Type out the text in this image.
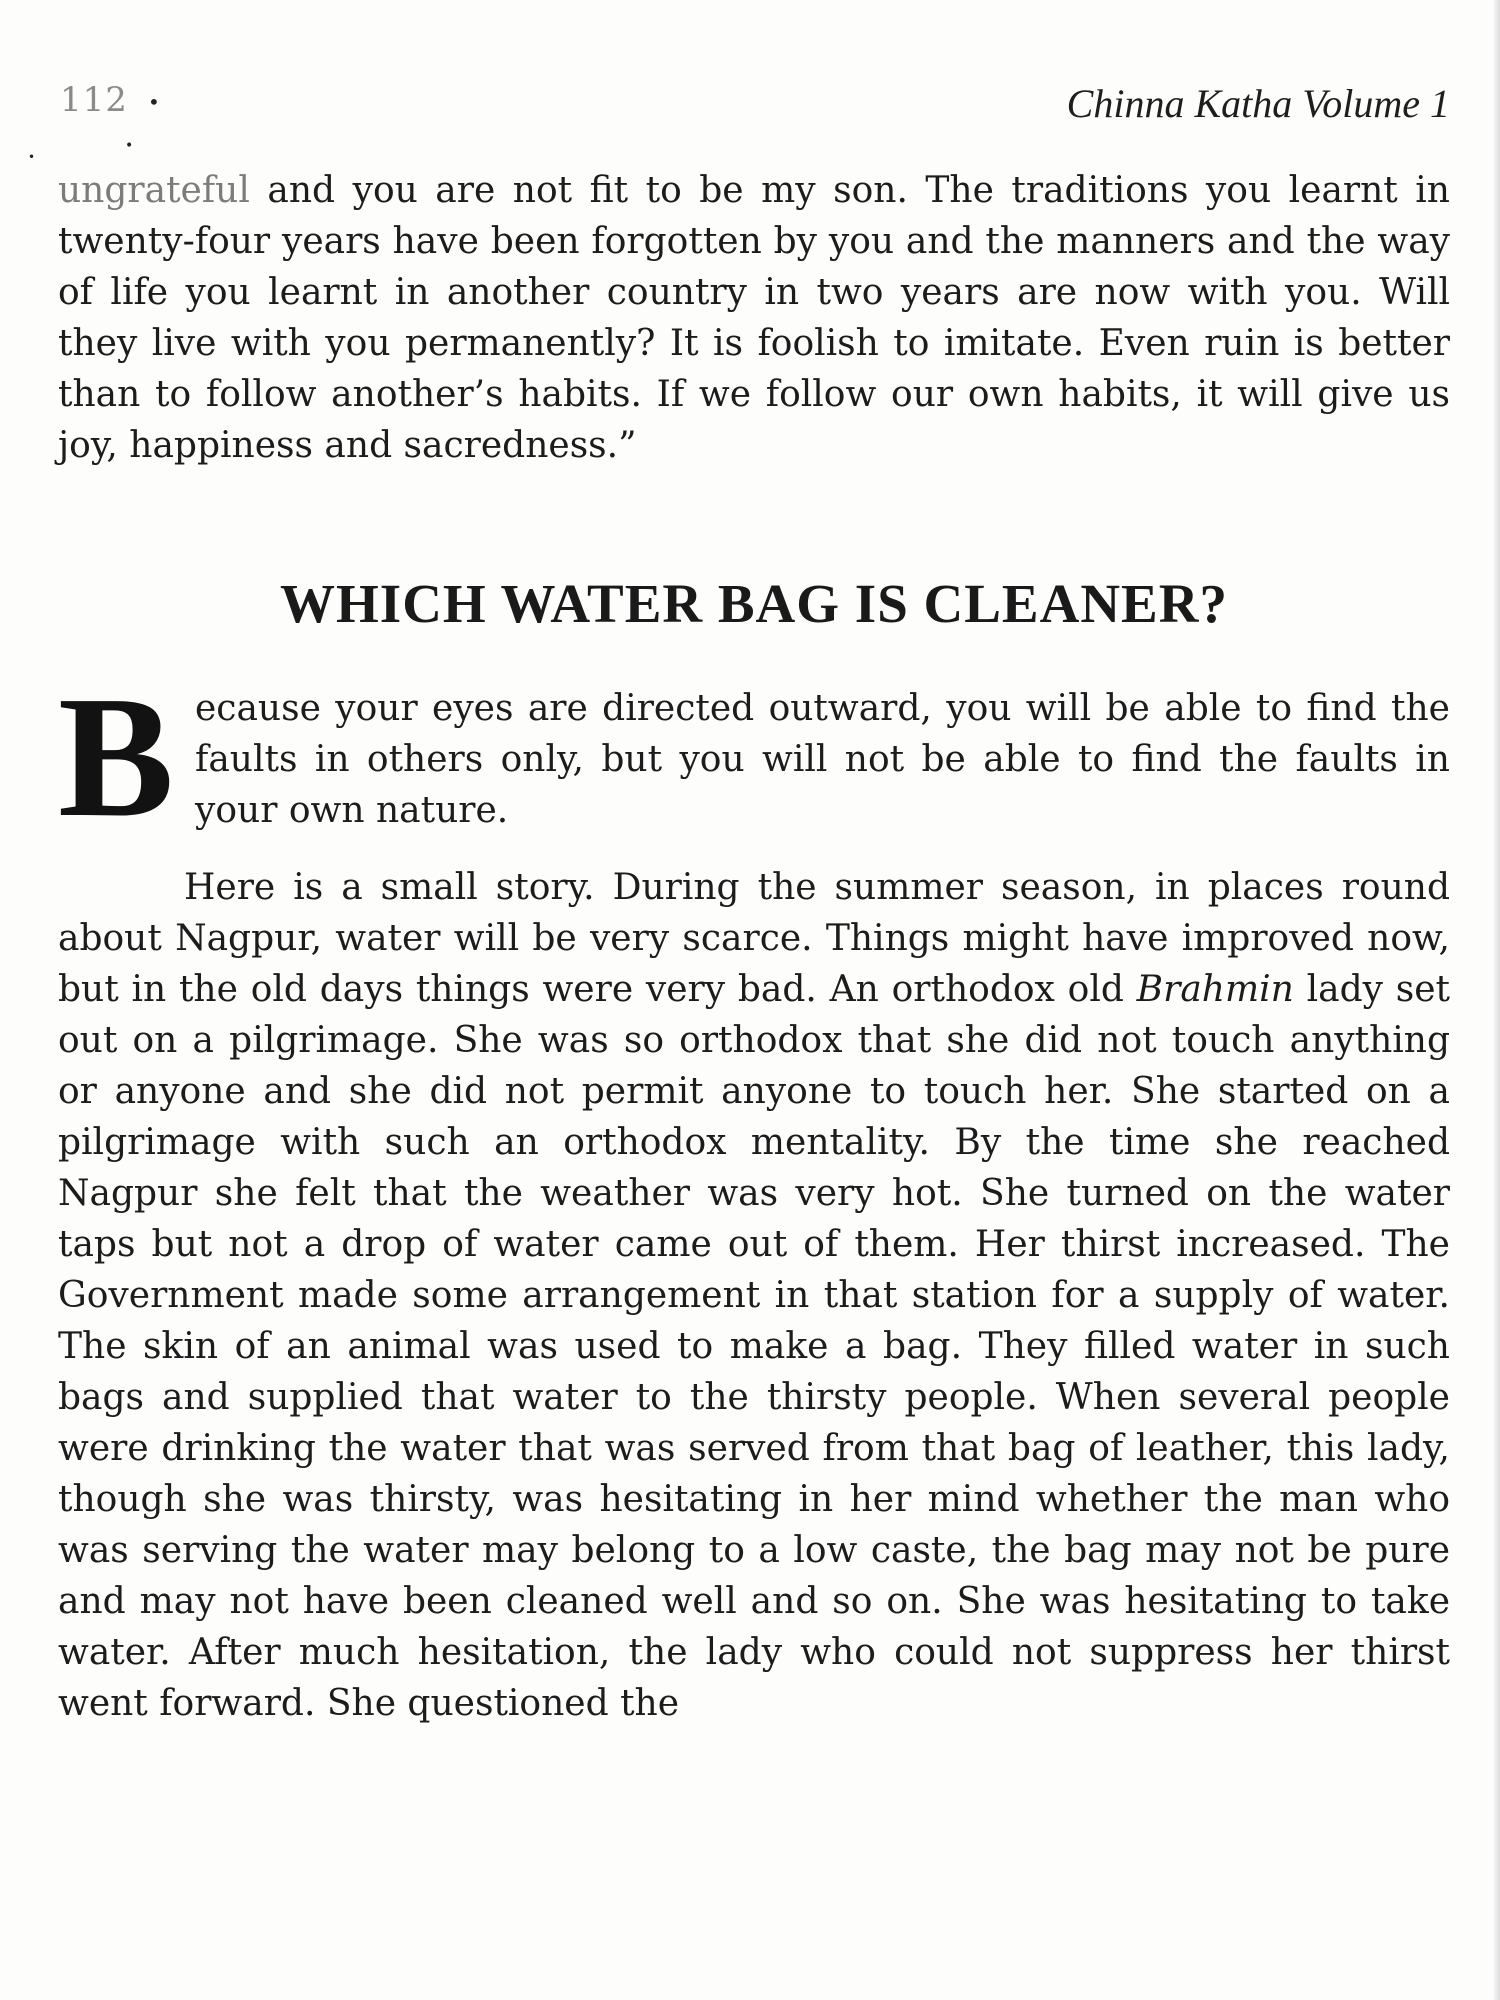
112	Chinna Katha Volume 1
•
•
•

ungrateful and you are not fit to be my son. The traditions you learnt in twenty-four years have been forgotten by you and the manners and the way of life you learnt in another country in two years are now with you. Will they live with you permanently? It is foolish to imitate. Even ruin is better than to follow another’s habits. If we follow our own habits, it will give us joy, happiness and sacredness.”

WHICH WATER BAG IS CLEANER?
B ecause your eyes are directed outward, you will be able to find the faults in others only, but you will not be able to find the faults in your own nature.

Here is a small story. During the summer season, in places round about Nagpur, water will be very scarce. Things might have improved now, but in the old days things were very bad. An orthodox old Brahmin lady set out on a pilgrimage. She was so orthodox that she did not touch anything or anyone and she did not permit anyone to touch her. She started on a pilgrimage with such an orthodox mentality. By the time she reached Nagpur she felt that the weather was very hot. She turned on the water taps but not a drop of water came out of them. Her thirst increased. The Government made some arrangement in that station for a supply of water. The skin of an animal was used to make a bag. They filled water in such bags and supplied that water to the thirsty people. When several people were drinking the water that was served from that bag of leather, this lady, though she was thirsty, was hesitating in her mind whether the man who was serving the water may belong to a low caste, the bag may not be pure and may not have been cleaned well and so on. She was hesitating to take water. After much hesitation, the lady who could not suppress her thirst went forward. She questioned the
